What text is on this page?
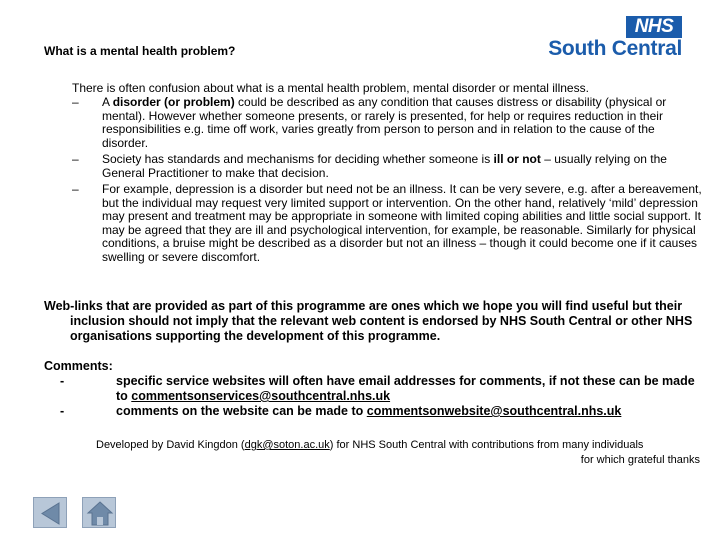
What is a mental health problem?
NHS
South Central

There is often confusion about what is a mental health problem, mental disorder or mental illness.

– A disorder (or problem) could be described as any condition that causes distress or disability (physical or mental). However whether someone presents, or rarely is presented, for help or requires reduction in their responsibilities e.g. time off work, varies greatly from person to person and in relation to the cause of the disorder.
– Society has standards and mechanisms for deciding whether someone is ill or not – usually relying on the General Practitioner to make that decision.
– For example, depression is a disorder but need not be an illness. It can be very severe, e.g. after a bereavement, but the individual may request very limited support or intervention. On the other hand, relatively ‘mild’ depression may present and treatment may be appropriate in someone with limited coping abilities and little social support. It may be agreed that they are ill and psychological intervention, for example, be reasonable. Similarly for physical conditions, a bruise might be described as a disorder but not an illness – though it could become one if it causes swelling or severe discomfort.

Web-links that are provided as part of this programme are ones which we hope you will find useful but their inclusion should not imply that the relevant web content is endorsed by NHS South Central or other NHS organisations supporting the development of this programme.

Comments:

-	specific service websites will often have email addresses for comments, if not these can be made to commentsonservices@southcentral.nhs.uk

-	comments on the website can be made to commentsonwebsite@southcentral.nhs.uk

Developed by David Kingdon (dgk@soton.ac.uk) for NHS South Central with contributions from many individuals
for which grateful thanks
